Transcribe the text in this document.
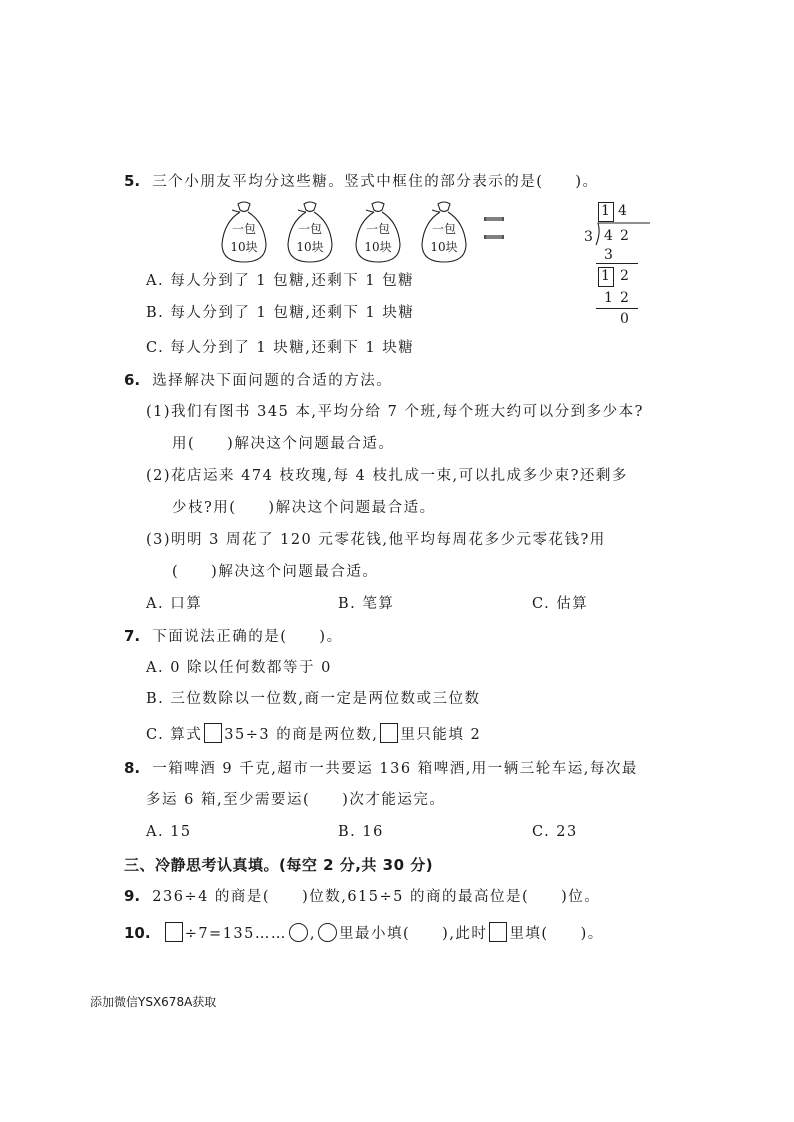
5. 三个小朋友平均分这些糖。竖式中框住的部分表示的是(　　)。
一包
10块
一包
10块
一包
10块
一包
10块
1 4
3 4 2
3
1 2
1 2
0
A. 每人分到了 1 包糖,还剩下 1 包糖
B. 每人分到了 1 包糖,还剩下 1 块糖
C. 每人分到了 1 块糖,还剩下 1 块糖
6. 选择解决下面问题的合适的方法。
(1)我们有图书 345 本,平均分给 7 个班,每个班大约可以分到多少本?
用(　　)解决这个问题最合适。
(2)花店运来 474 枝玫瑰,每 4 枝扎成一束,可以扎成多少束?还剩多
少枝?用(　　)解决这个问题最合适。
(3)明明 3 周花了 120 元零花钱,他平均每周花多少元零花钱?用
(　　)解决这个问题最合适。
A. 口算	B. 笔算	C. 估算
7. 下面说法正确的是(　　)。
A. 0 除以任何数都等于 0
B. 三位数除以一位数,商一定是两位数或三位数
C. 算式 35÷3 的商是两位数, 里只能填 2
8. 一箱啤酒 9 千克,超市一共要运 136 箱啤酒,用一辆三轮车运,每次最
多运 6 箱,至少需要运(　　)次才能运完。
A. 15	B. 16	C. 23
三、冷静思考认真填。(每空 2 分,共 30 分)
9. 236÷4 的商是(　　)位数,615÷5 的商的最高位是(　　)位。
10. ÷7=135…… , 里最小填(　　),此时 里填(　　)。
添加微信YSX678A获取
